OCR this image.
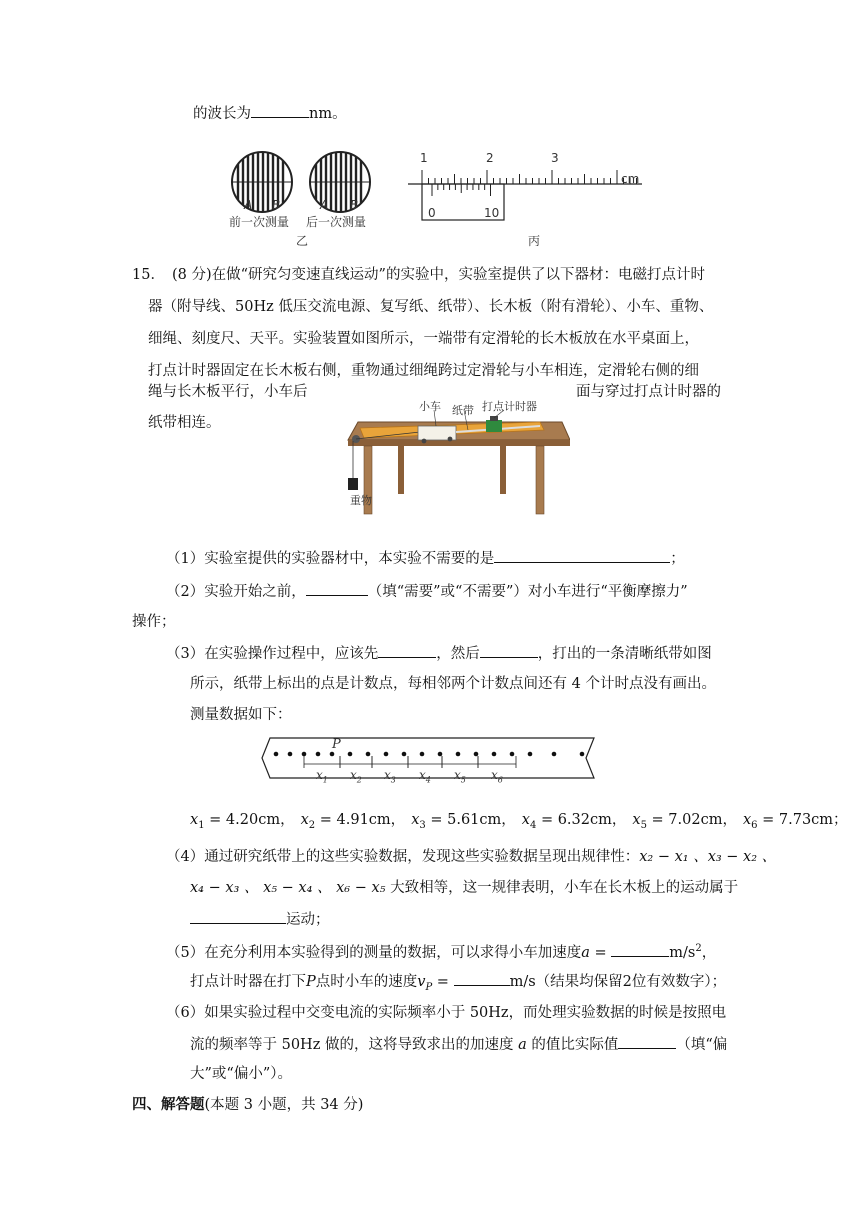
的波长为	nm。
A B	A B
前一次测量 后一次测量
乙
1	2	3
cm
0	10
丙
15． (8 分)在做“研究匀变速直线运动”的实验中，实验室提供了以下器材：电磁打点计时
器（附导线、50Hz 低压交流电源、复写纸、纸带）、长木板（附有滑轮）、小车、重物、
细绳、刻度尺、天平。实验装置如图所示，一端带有定滑轮的长木板放在水平桌面上，
打点计时器固定在长木板右侧，重物通过细绳跨过定滑轮与小车相连，定滑轮右侧的细
绳与长木板平行，小车后	面与穿过打点计时器的
纸带相连。
小车 纸带 打点计时器
重物
（1）实验室提供的实验器材中，本实验不需要的是	；
（2）实验开始之前，	（填“需要”或“不需要”）对小车进行“平衡摩擦力”
操作；
（3）在实验操作过程中，应该先	，然后	，打出的一条清晰纸带如图
所示，纸带上标出的点是计数点，每相邻两个计数点间还有 4 个计时点没有画出。
测量数据如下：
P
$x_1$ $x_2$ $x_3$ $x_4$ $x_5$ $x_6$
$x_1 = 4.20cm$， $x_2 = 4.91cm$， $x_3 = 5.61cm$， $x_4 = 6.32cm$， $x_5 = 7.02cm$， $x_6 = 7.73cm$；
（4）通过研究纸带上的这些实验数据，发现这些实验数据呈现出规律性：x₂ − x₁ 、x₃ − x₂ 、
x₄ − x₃ 、 x₅ − x₄ 、 x₆ − x₅ 大致相等，这一规律表明，小车在长木板上的运动属于
运动；
（5）在充分利用本实验得到的测量的数据，可以求得小车加速度a =	$m/s^2$，
打点计时器在打下P点时小车的速度$v_P$ =	m/s（结果均保留2位有效数字）；
（6）如果实验过程中交变电流的实际频率小于 50Hz，而处理实验数据的时候是按照电
流的频率等于 50Hz 做的，这将导致求出的加速度 a 的值比实际值	（填“偏
大”或“偏小”）。
四、解答题(本题 3 小题，共 34 分)
